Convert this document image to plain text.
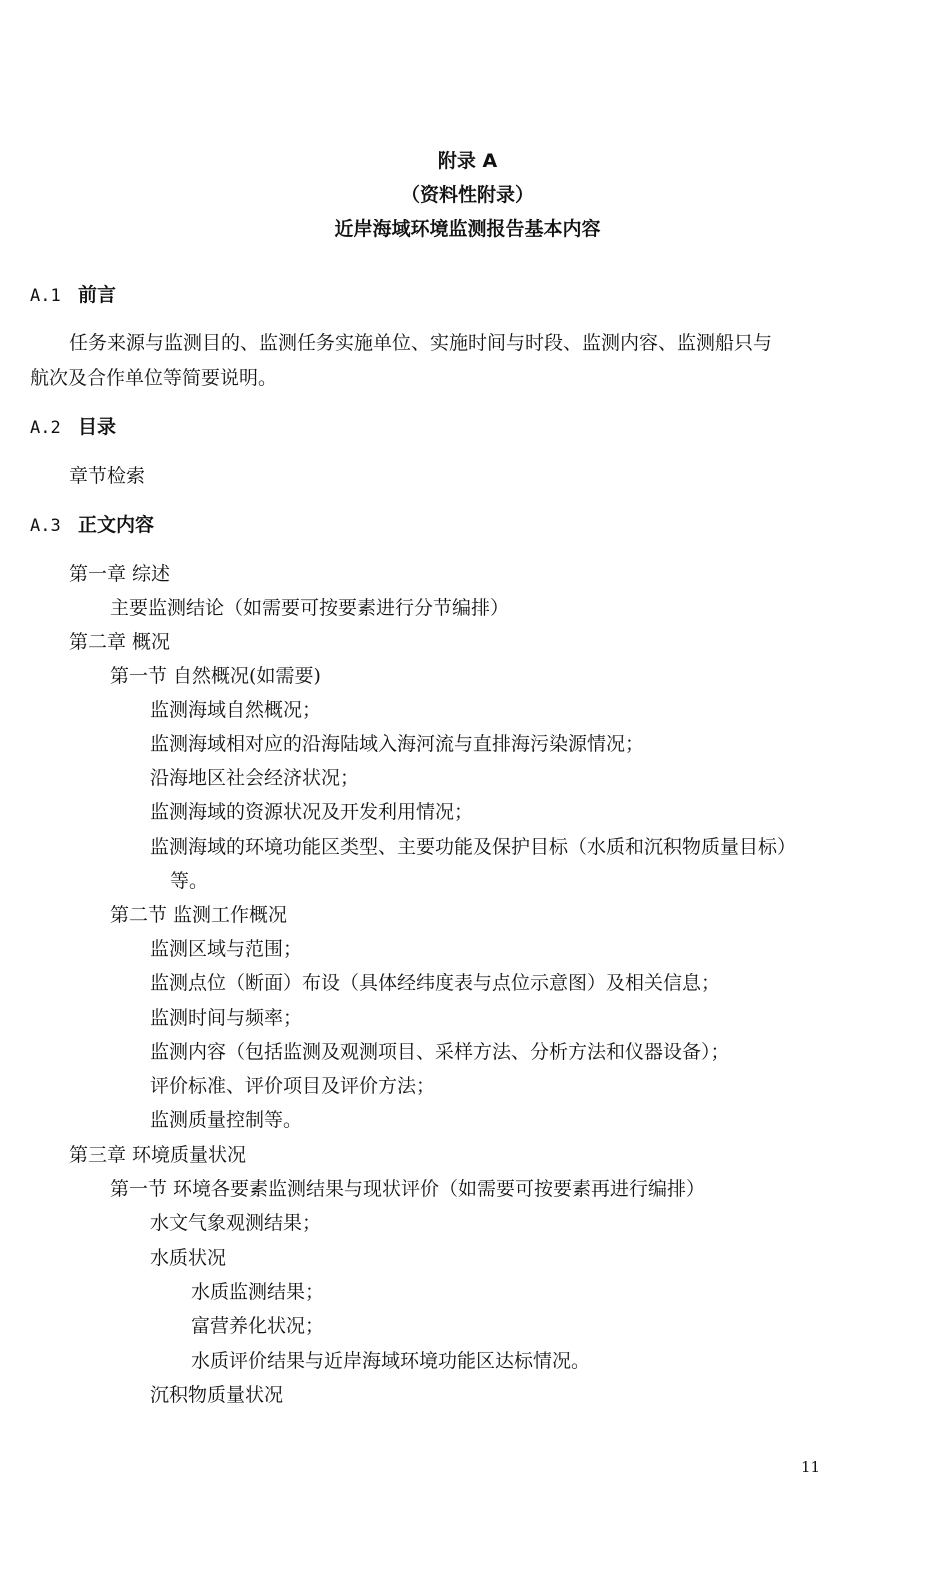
附录 A
（资料性附录）
近岸海域环境监测报告基本内容
A.1 前言
任务来源与监测目的、监测任务实施单位、实施时间与时段、监测内容、监测船只与
航次及合作单位等简要说明。
A.2 目录
章节检索
A.3 正文内容
第一章 综述
主要监测结论（如需要可按要素进行分节编排）
第二章 概况
第一节 自然概况(如需要)
监测海域自然概况；
监测海域相对应的沿海陆域入海河流与直排海污染源情况；
沿海地区社会经济状况；
监测海域的资源状况及开发利用情况；
监测海域的环境功能区类型、主要功能及保护目标（水质和沉积物质量目标）
等。
第二节 监测工作概况
监测区域与范围；
监测点位（断面）布设（具体经纬度表与点位示意图）及相关信息；
监测时间与频率；
监测内容（包括监测及观测项目、采样方法、分析方法和仪器设备）；
评价标准、评价项目及评价方法；
监测质量控制等。
第三章 环境质量状况
第一节 环境各要素监测结果与现状评价（如需要可按要素再进行编排）
水文气象观测结果；
水质状况
水质监测结果；
富营养化状况；
水质评价结果与近岸海域环境功能区达标情况。
沉积物质量状况
11
